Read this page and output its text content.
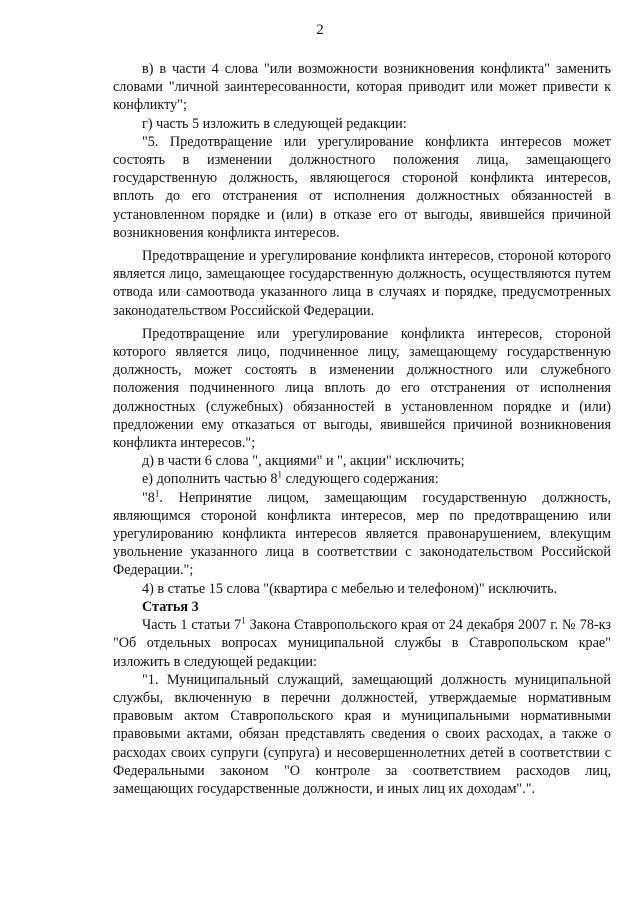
2

в) в части 4 слова "или возможности возникновения конфликта" заменить словами "личной заинтересованности, которая приводит или может привести к конфликту";

г) часть 5 изложить в следующей редакции:

"5. Предотвращение или урегулирование конфликта интересов может состоять в изменении должностного положения лица, замещающего государственную должность, являющегося стороной конфликта интересов, вплоть до его отстранения от исполнения должностных обязанностей в установленном порядке и (или) в отказе его от выгоды, явившейся причиной возникновения конфликта интересов.

Предотвращение и урегулирование конфликта интересов, стороной которого является лицо, замещающее государственную должность, осуществляются путем отвода или самоотвода указанного лица в случаях и порядке, предусмотренных законодательством Российской Федерации.

Предотвращение или урегулирование конфликта интересов, стороной которого является лицо, подчиненное лицу, замещающему государственную должность, может состоять в изменении должностного или служебного положения подчиненного лица вплоть до его отстранения от исполнения должностных (служебных) обязанностей в установленном порядке и (или) предложении ему отказаться от выгоды, явившейся причиной возникновения конфликта интересов.";

д) в части 6 слова ", акциями" и ", акции" исключить;

е) дополнить частью $8^1$ следующего содержания:

"$8^1$. Непринятие лицом, замещающим государственную должность, являющимся стороной конфликта интересов, мер по предотвращению или урегулированию конфликта интересов является правонарушением, влекущим увольнение указанного лица в соответствии с законодательством Российской Федерации.";

4) в статье 15 слова "(квартира с мебелью и телефоном)" исключить.

Статья 3

Часть 1 статьи $7^1$ Закона Ставропольского края от 24 декабря 2007 г. № 78-кз "Об отдельных вопросах муниципальной службы в Ставропольском крае" изложить в следующей редакции:

"1. Муниципальный служащий, замещающий должность муниципальной службы, включенную в перечни должностей, утверждаемые нормативным правовым актом Ставропольского края и муниципальными нормативными правовыми актами, обязан представлять сведения о своих расходах, а также о расходах своих супруги (супруга) и несовершеннолетних детей в соответствии с Федеральными законом "О контроле за соответствием расходов лиц, замещающих государственные должности, и иных лиц их доходам".".
